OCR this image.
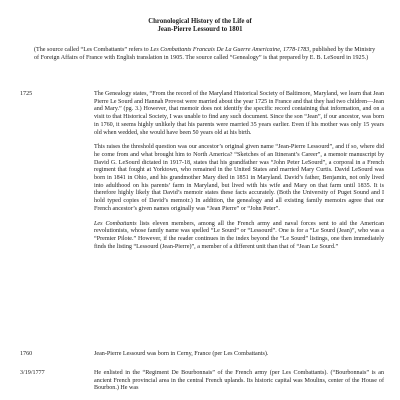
Chronological History of the Life of
Jean-Pierre Lessourd to 1801
(The source called “Les Combattants” refers to Les Combattants Francais De La Guerre Americaine, 1778-1783, published by the Ministry of Foreign Affairs of France with English translation in 1905. The source called “Genealogy” is that prepared by E. B. LeSourd in 1925.)
1725	The Genealogy states, “From the record of the Maryland Historical Society of Baltimore, Maryland, we learn that Jean Pierre Le Sourd and Hannah Provost were married about the year 1725 in France and that they had two children—Jean and Mary.” (pg. 3.) However, that memoir does not identify the specific record containing that information, and on a visit to that Historical Society, I was unable to find any such document. Since the son “Jean”, if our ancestor, was born in 1760, it seems highly unlikely that his parents were married 35 years earlier. Even if his mother was only 15 years old when wedded, she would have been 50 years old at his birth.

This raises the threshold question was our ancestor’s original given name “Jean-Pierre Lessourd”, and if so, where did he come from and what brought him to North America? “Sketches of an Itinerant’s Career”, a memoir manuscript by David G. LeSourd dictated in 1917-18, states that his grandfather was “John Peter LeSourd”, a corporal in a French regiment that fought at Yorktown, who remained in the United States and married Mary Curtis. David LeSourd was born in 1841 in Ohio, and his grandmother Mary died in 1851 in Maryland. David’s father, Benjamin, not only lived into adulthood on his parents’ farm in Maryland, but lived with his wife and Mary on that farm until 1835. It is therefore highly likely that David’s memoir states these facts accurately. (Both the University of Puget Sound and I hold typed copies of David’s memoir.) In addition, the genealogy and all existing family memoirs agree that our French ancestor’s given names originally was “Jean Pierre” or “John Peter”.

Les Combattants lists eleven members, among all the French army and naval forces sent to aid the American revolutionists, whose family name was spelled “Le Sourd” or “Lessourd”. One is for a “Le Sourd (Jean)”, who was a “Premier Pilote.” However, if the reader continues in the index beyond the “Le Sourd” listings, one then immediately finds the listing “Lessourd (Jean-Pierre)”, a member of a different unit than that of “Jean Le Sourd.”

1760	Jean-Pierre Lessourd was born in Cerny, France (per Les Combattants).
3/19/1777	He enlisted in the “Regiment De Bourbonnais” of the French army (per Les Combattants). (“Bourbonnais” is an ancient French provincial area in the central French uplands. Its historic capital was Moulins, center of the House of Bourbon.) He was
